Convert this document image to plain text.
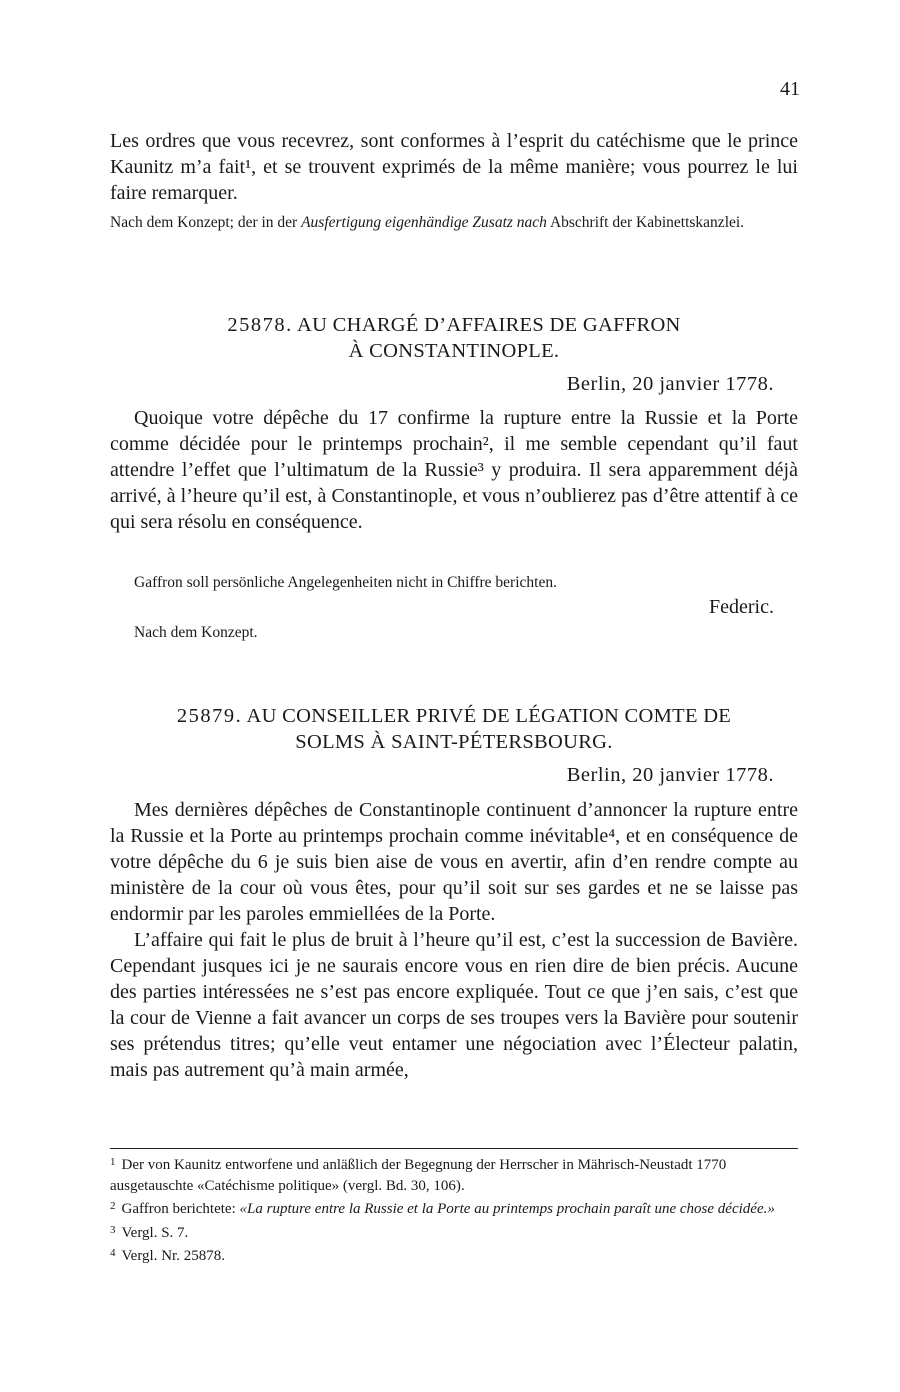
41

Les ordres que vous recevrez, sont conformes à l’esprit du catéchisme que le prince Kaunitz m’a fait¹, et se trouvent exprimés de la même manière; vous pourrez le lui faire remarquer.

Nach dem Konzept; der in der Ausfertigung eigenhändige Zusatz nach Abschrift der Kabinettskanzlei.

25878. AU CHARGÉ D’AFFAIRES DE GAFFRON
À CONSTANTINOPLE.
Berlin, 20 janvier 1778.

Quoique votre dépêche du 17 confirme la rupture entre la Russie et la Porte comme décidée pour le printemps prochain², il me semble cependant qu’il faut attendre l’effet que l’ultimatum de la Russie³ y produira. Il sera apparemment déjà arrivé, à l’heure qu’il est, à Constantinople, et vous n’oublierez pas d’être attentif à ce qui sera résolu en conséquence.

Gaffron soll persönliche Angelegenheiten nicht in Chiffre berichten.

Federic.

Nach dem Konzept.

25879. AU CONSEILLER PRIVÉ DE LÉGATION COMTE DE
SOLMS À SAINT-PÉTERSBOURG.
Berlin, 20 janvier 1778.

Mes dernières dépêches de Constantinople continuent d’annoncer la rupture entre la Russie et la Porte au printemps prochain comme inévitable⁴, et en conséquence de votre dépêche du 6 je suis bien aise de vous en avertir, afin d’en rendre compte au ministère de la cour où vous êtes, pour qu’il soit sur ses gardes et ne se laisse pas endormir par les paroles emmiellées de la Porte.

L’affaire qui fait le plus de bruit à l’heure qu’il est, c’est la succession de Bavière. Cependant jusques ici je ne saurais encore vous en rien dire de bien précis. Aucune des parties intéressées ne s’est pas encore expliquée. Tout ce que j’en sais, c’est que la cour de Vienne a fait avancer un corps de ses troupes vers la Bavière pour soutenir ses prétendus titres; qu’elle veut entamer une négociation avec l’Électeur palatin, mais pas autrement qu’à main armée,

$^1$ Der von Kaunitz entworfene und anläßlich der Begegnung der Herrscher in Mährisch-Neustadt 1770 ausgetauschte «Catéchisme politique» (vergl. Bd. 30, 106).

$^2$ Gaffron berichtete: «La rupture entre la Russie et la Porte au printemps prochain paraît une chose décidée.»

$^3$ Vergl. S. 7.

$^4$ Vergl. Nr. 25878.
